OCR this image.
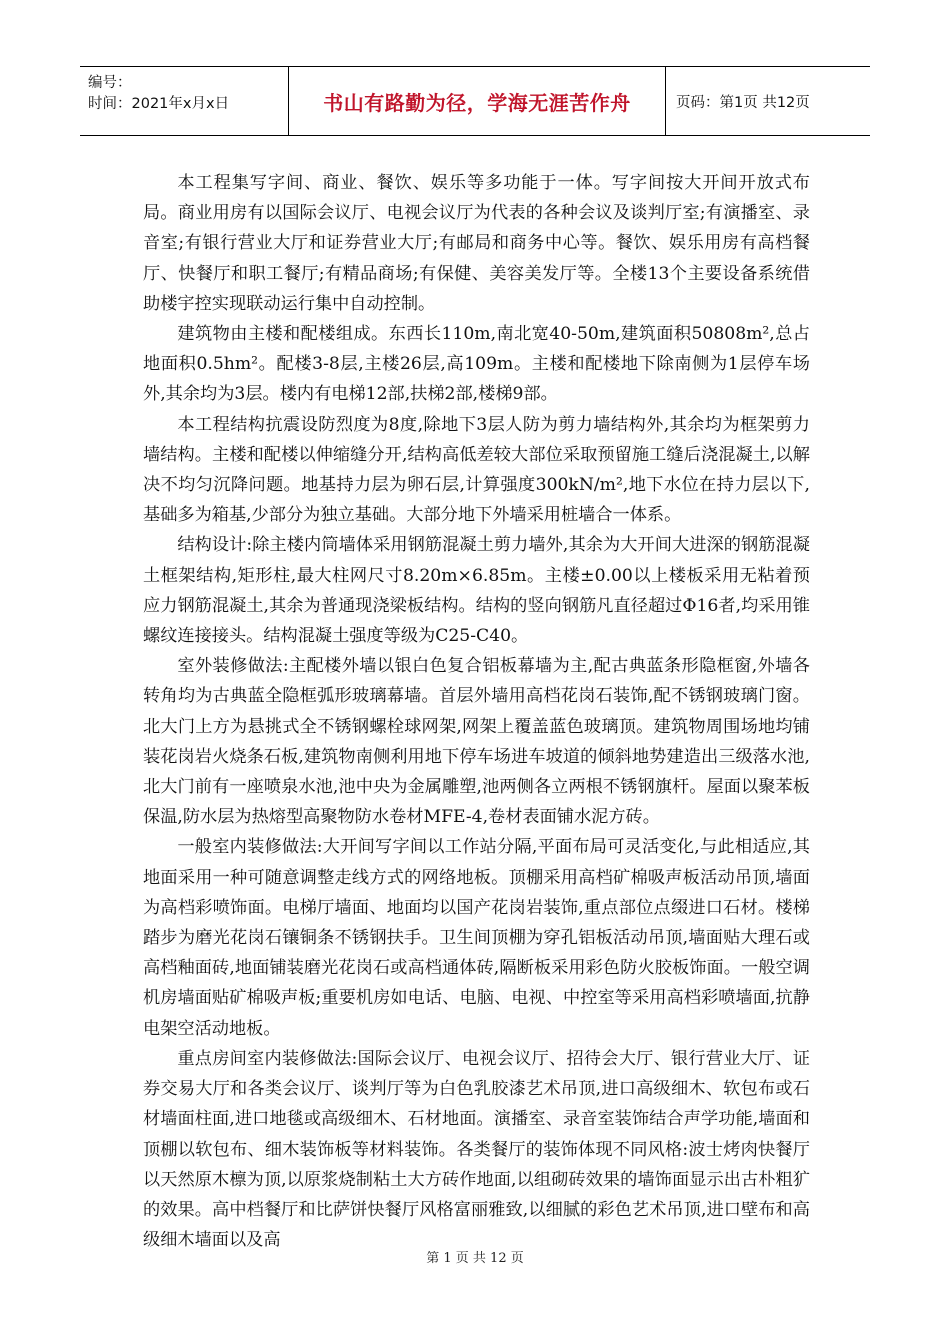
编号：
时间：2021年x月x日	书山有路勤为径，学海无涯苦作舟	页码：第1页 共12页

本工程集写字间、商业、餐饮、娱乐等多功能于一体。写字间按大开间开放式布局。商业用房有以国际会议厅、电视会议厅为代表的各种会议及谈判厅室;有演播室、录音室;有银行营业大厅和证券营业大厅;有邮局和商务中心等。餐饮、娱乐用房有高档餐厅、快餐厅和职工餐厅;有精品商场;有保健、美容美发厅等。全楼13个主要设备系统借助楼宇控实现联动运行集中自动控制。

建筑物由主楼和配楼组成。东西长110m,南北宽40-50m,建筑面积50808m²,总占地面积0.5hm²。配楼3-8层,主楼26层,高109m。主楼和配楼地下除南侧为1层停车场外,其余均为3层。楼内有电梯12部,扶梯2部,楼梯9部。

本工程结构抗震设防烈度为8度,除地下3层人防为剪力墙结构外,其余均为框架剪力墙结构。主楼和配楼以伸缩缝分开,结构高低差较大部位采取预留施工缝后浇混凝土,以解决不均匀沉降问题。地基持力层为卵石层,计算强度300kN/m²,地下水位在持力层以下,基础多为箱基,少部分为独立基础。大部分地下外墙采用桩墙合一体系。

结构设计:除主楼内筒墙体采用钢筋混凝土剪力墙外,其余为大开间大进深的钢筋混凝土框架结构,矩形柱,最大柱网尺寸8.20m×6.85m。主楼±0.00以上楼板采用无粘着预应力钢筋混凝土,其余为普通现浇梁板结构。结构的竖向钢筋凡直径超过Φ16者,均采用锥螺纹连接接头。结构混凝土强度等级为C25-C40。

室外装修做法:主配楼外墙以银白色复合铝板幕墙为主,配古典蓝条形隐框窗,外墙各转角均为古典蓝全隐框弧形玻璃幕墙。首层外墙用高档花岗石装饰,配不锈钢玻璃门窗。北大门上方为悬挑式全不锈钢螺栓球网架,网架上覆盖蓝色玻璃顶。建筑物周围场地均铺装花岗岩火烧条石板,建筑物南侧利用地下停车场进车坡道的倾斜地势建造出三级落水池,北大门前有一座喷泉水池,池中央为金属雕塑,池两侧各立两根不锈钢旗杆。屋面以聚苯板保温,防水层为热熔型高聚物防水卷材MFE-4,卷材表面铺水泥方砖。

一般室内装修做法:大开间写字间以工作站分隔,平面布局可灵活变化,与此相适应,其地面采用一种可随意调整走线方式的网络地板。顶棚采用高档矿棉吸声板活动吊顶,墙面为高档彩喷饰面。电梯厅墙面、地面均以国产花岗岩装饰,重点部位点缀进口石材。楼梯踏步为磨光花岗石镶铜条不锈钢扶手。卫生间顶棚为穿孔铝板活动吊顶,墙面贴大理石或高档釉面砖,地面铺装磨光花岗石或高档通体砖,隔断板采用彩色防火胶板饰面。一般空调机房墙面贴矿棉吸声板;重要机房如电话、电脑、电视、中控室等采用高档彩喷墙面,抗静电架空活动地板。

重点房间室内装修做法:国际会议厅、电视会议厅、招待会大厅、银行营业大厅、证券交易大厅和各类会议厅、谈判厅等为白色乳胶漆艺术吊顶,进口高级细木、软包布或石材墙面柱面,进口地毯或高级细木、石材地面。演播室、录音室装饰结合声学功能,墙面和顶棚以软包布、细木装饰板等材料装饰。各类餐厅的装饰体现不同风格:波士烤肉快餐厅以天然原木檩为顶,以原浆烧制粘土大方砖作地面,以组砌砖效果的墙饰面显示出古朴粗犷的效果。高中档餐厅和比萨饼快餐厅风格富丽雅致,以细腻的彩色艺术吊顶,进口壁布和高级细木墙面以及高

第 1 页 共 12 页
